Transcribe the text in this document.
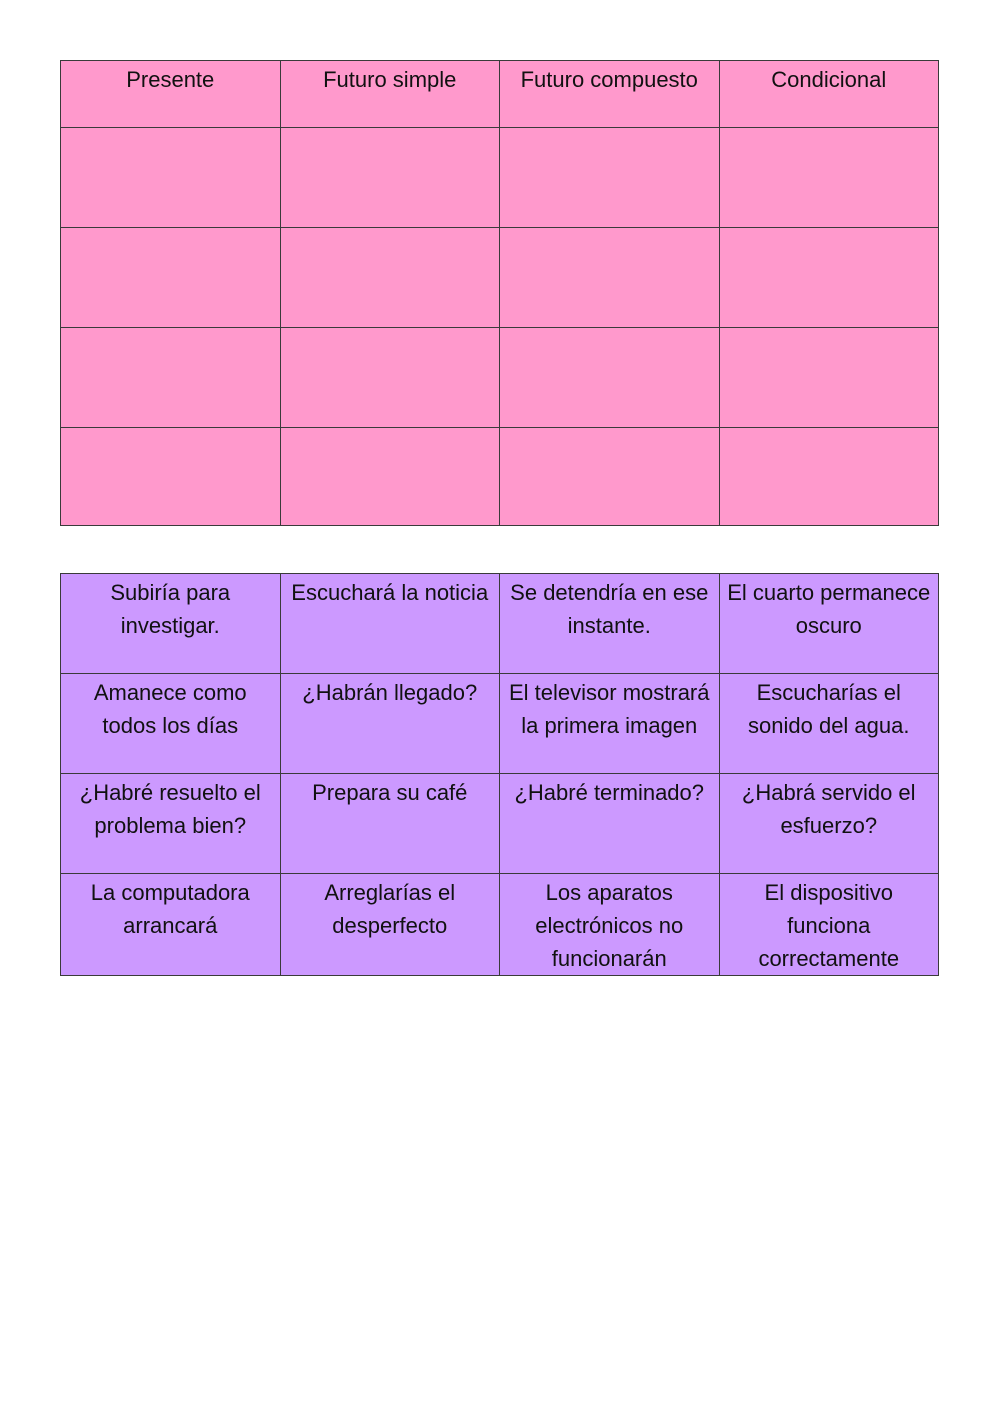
Presente	Futuro simple	Futuro compuesto	Condicional

Subiría para investigar.	Escuchará la noticia	Se detendría en ese instante.	El cuarto permanece oscuro
Amanece como todos los días	¿Habrán llegado?	El televisor mostrará la primera imagen	Escucharías el sonido del agua.
¿Habré resuelto el problema bien?	Prepara su café	¿Habré terminado?	¿Habrá servido el esfuerzo?
La computadora arrancará	Arreglarías el desperfecto	Los aparatos electrónicos no funcionarán	El dispositivo funciona correctamente
